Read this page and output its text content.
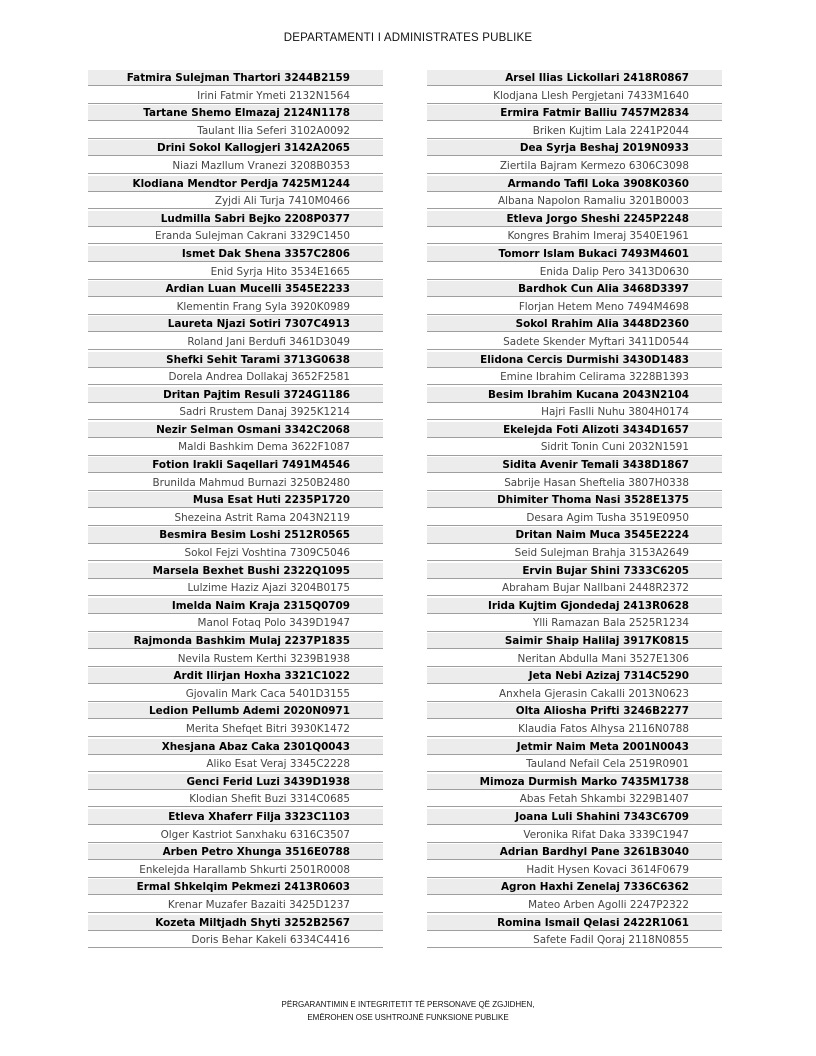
DEPARTAMENTI I ADMINISTRATES PUBLIKE
Fatmira Sulejman Thartori 3244B2159
Irini Fatmir Ymeti 2132N1564
Tartane Shemo Elmazaj 2124N1178
Taulant Ilia Seferi 3102A0092
Drini Sokol Kallogjeri 3142A2065
Niazi Mazllum Vranezi 3208B0353
Klodiana Mendtor Perdja 7425M1244
Zyjdi Ali Turja 7410M0466
Ludmilla Sabri Bejko 2208P0377
Eranda Sulejman Cakrani 3329C1450
Ismet Dak Shena 3357C2806
Enid Syrja Hito 3534E1665
Ardian Luan Mucelli 3545E2233
Klementin Frang Syla 3920K0989
Laureta Njazi Sotiri 7307C4913
Roland Jani Berdufi 3461D3049
Shefki Sehit Tarami 3713G0638
Dorela Andrea Dollakaj 3652F2581
Dritan Pajtim Resuli 3724G1186
Sadri Rrustem Danaj 3925K1214
Nezir Selman Osmani 3342C2068
Maldi Bashkim Dema 3622F1087
Fotion Irakli Saqellari 7491M4546
Brunilda Mahmud Burnazi 3250B2480
Musa Esat Huti 2235P1720
Shezeina Astrit Rama 2043N2119
Besmira Besim Loshi 2512R0565
Sokol Fejzi Voshtina 7309C5046
Marsela Bexhet Bushi 2322Q1095
Lulzime Haziz Ajazi 3204B0175
Imelda Naim Kraja 2315Q0709
Manol Fotaq Polo 3439D1947
Rajmonda Bashkim Mulaj 2237P1835
Nevila Rustem Kerthi 3239B1938
Ardit Ilirjan Hoxha 3321C1022
Gjovalin Mark Caca 5401D3155
Ledion Pellumb Ademi 2020N0971
Merita Shefqet Bitri 3930K1472
Xhesjana Abaz Caka 2301Q0043
Aliko Esat Veraj 3345C2228
Genci Ferid Luzi 3439D1938
Klodian Shefit Buzi 3314C0685
Etleva Xhaferr Filja 3323C1103
Olger Kastriot Sanxhaku 6316C3507
Arben Petro Xhunga 3516E0788
Enkelejda Harallamb Shkurti 2501R0008
Ermal Shkelqim Pekmezi 2413R0603
Krenar Muzafer Bazaiti 3425D1237
Kozeta Miltjadh Shyti 3252B2567
Doris Behar Kakeli 6334C4416
Arsel Ilias Lickollari 2418R0867
Klodjana Llesh Pergjetani 7433M1640
Ermira Fatmir Balliu 7457M2834
Briken Kujtim Lala 2241P2044
Dea Syrja Beshaj 2019N0933
Ziertila Bajram Kermezo 6306C3098
Armando Tafil Loka 3908K0360
Albana Napolon Ramaliu 3201B0003
Etleva Jorgo Sheshi 2245P2248
Kongres Brahim Imeraj 3540E1961
Tomorr Islam Bukaci 7493M4601
Enida Dalip Pero 3413D0630
Bardhok Cun Alia 3468D3397
Florjan Hetem Meno 7494M4698
Sokol Rrahim Alia 3448D2360
Sadete Skender Myftari 3411D0544
Elidona Cercis Durmishi 3430D1483
Emine Ibrahim Celirama 3228B1393
Besim Ibrahim Kucana 2043N2104
Hajri Faslli Nuhu 3804H0174
Ekelejda Foti Alizoti 3434D1657
Sidrit Tonin Cuni 2032N1591
Sidita Avenir Temali 3438D1867
Sabrije Hasan Sheftelia 3807H0338
Dhimiter Thoma Nasi 3528E1375
Desara Agim Tusha 3519E0950
Dritan Naim Muca 3545E2224
Seid Sulejman Brahja 3153A2649
Ervin Bujar Shini 7333C6205
Abraham Bujar Nallbani 2448R2372
Irida Kujtim Gjondedaj 2413R0628
Ylli Ramazan Bala 2525R1234
Saimir Shaip Halilaj 3917K0815
Neritan Abdulla Mani 3527E1306
Jeta Nebi Azizaj 7314C5290
Anxhela Gjerasin Cakalli 2013N0623
Olta Aliosha Prifti 3246B2277
Klaudia Fatos Alhysa 2116N0788
Jetmir Naim Meta 2001N0043
Tauland Nefail Cela 2519R0901
Mimoza Durmish Marko 7435M1738
Abas Fetah Shkambi 3229B1407
Joana Luli Shahini 7343C6709
Veronika Rifat Daka 3339C1947
Adrian Bardhyl Pane 3261B3040
Hadit Hysen Kovaci 3614F0679
Agron Haxhi Zenelaj 7336C6362
Mateo Arben Agolli 2247P2322
Romina Ismail Qelasi 2422R1061
Safete Fadil Qoraj 2118N0855
PËRGARANTIMIN E INTEGRITETIT TË PERSONAVE QË ZGJIDHEN,
EMËROHEN OSE USHTROJNË FUNKSIONE PUBLIKE
